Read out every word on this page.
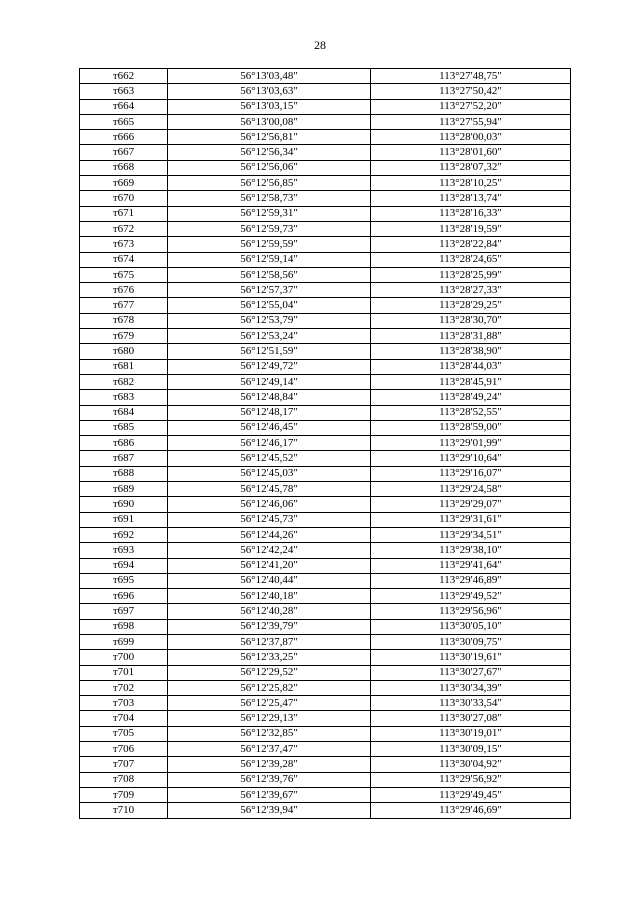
28
т662	56°13'03,48"	113°27'48,75"
т663	56°13'03,63"	113°27'50,42"
т664	56°13'03,15"	113°27'52,20"
т665	56°13'00,08"	113°27'55,94"
т666	56°12'56,81"	113°28'00,03"
т667	56°12'56,34"	113°28'01,60"
т668	56°12'56,06"	113°28'07,32"
т669	56°12'56,85"	113°28'10,25"
т670	56°12'58,73"	113°28'13,74"
т671	56°12'59,31"	113°28'16,33"
т672	56°12'59,73"	113°28'19,59"
т673	56°12'59,59"	113°28'22,84"
т674	56°12'59,14"	113°28'24,65"
т675	56°12'58,56"	113°28'25,99"
т676	56°12'57,37"	113°28'27,33"
т677	56°12'55,04"	113°28'29,25"
т678	56°12'53,79"	113°28'30,70"
т679	56°12'53,24"	113°28'31,88"
т680	56°12'51,59"	113°28'38,90"
т681	56°12'49,72"	113°28'44,03"
т682	56°12'49,14"	113°28'45,91"
т683	56°12'48,84"	113°28'49,24"
т684	56°12'48,17"	113°28'52,55"
т685	56°12'46,45"	113°28'59,00"
т686	56°12'46,17"	113°29'01,99"
т687	56°12'45,52"	113°29'10,64"
т688	56°12'45,03"	113°29'16,07"
т689	56°12'45,78"	113°29'24,58"
т690	56°12'46,06"	113°29'29,07"
т691	56°12'45,73"	113°29'31,61"
т692	56°12'44,26"	113°29'34,51"
т693	56°12'42,24"	113°29'38,10"
т694	56°12'41,20"	113°29'41,64"
т695	56°12'40,44"	113°29'46,89"
т696	56°12'40,18"	113°29'49,52"
т697	56°12'40,28"	113°29'56,96"
т698	56°12'39,79"	113°30'05,10"
т699	56°12'37,87"	113°30'09,75"
т700	56°12'33,25"	113°30'19,61"
т701	56°12'29,52"	113°30'27,67"
т702	56°12'25,82"	113°30'34,39"
т703	56°12'25,47"	113°30'33,54"
т704	56°12'29,13"	113°30'27,08"
т705	56°12'32,85"	113°30'19,01"
т706	56°12'37,47"	113°30'09,15"
т707	56°12'39,28"	113°30'04,92"
т708	56°12'39,76"	113°29'56,92"
т709	56°12'39,67"	113°29'49,45"
т710	56°12'39,94"	113°29'46,69"
